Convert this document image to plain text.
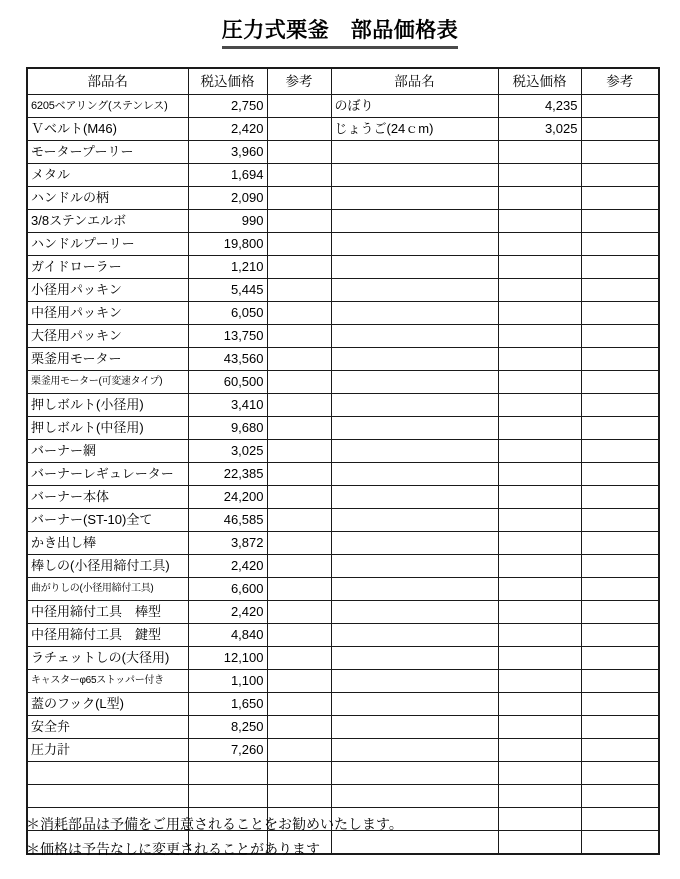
圧力式栗釜　部品価格表
部品名	税込価格	参考	部品名	税込価格	参考
6205ベアリング(ステンレス)	2,750		のぼり	4,235	
Ｖベルト(M46)	2,420		じょうご(24ｃm)	3,025	
モータープーリー	3,960				
メタル	1,694				
ハンドルの柄	2,090				
3/8ステンエルボ	990				
ハンドルプーリー	19,800				
ガイドローラー	1,210				
小径用パッキン	5,445				
中径用パッキン	6,050				
大径用パッキン	13,750				
栗釜用モーター	43,560				
栗釜用モーター(可変速タイプ)	60,500				
押しボルト(小径用)	3,410				
押しボルト(中径用)	9,680				
バーナー網	3,025				
バーナーレギュレーター	22,385				
バーナー本体	24,200				
バーナー(ST-10)全て	46,585				
かき出し棒	3,872				
棒しの(小径用締付工具)	2,420				
曲がりしの(小径用締付工具)	6,600				
中径用締付工具　棒型	2,420				
中径用締付工具　鍵型	4,840				
ラチェットしの(大径用)	12,100				
キャスターφ65ストッパー付き	1,100				
蓋のフック(L型)	1,650				
安全弁	8,250				
圧力計	7,260				

＊消耗部品は予備をご用意されることをお勧めいたします。
＊価格は予告なしに変更されることがあります
